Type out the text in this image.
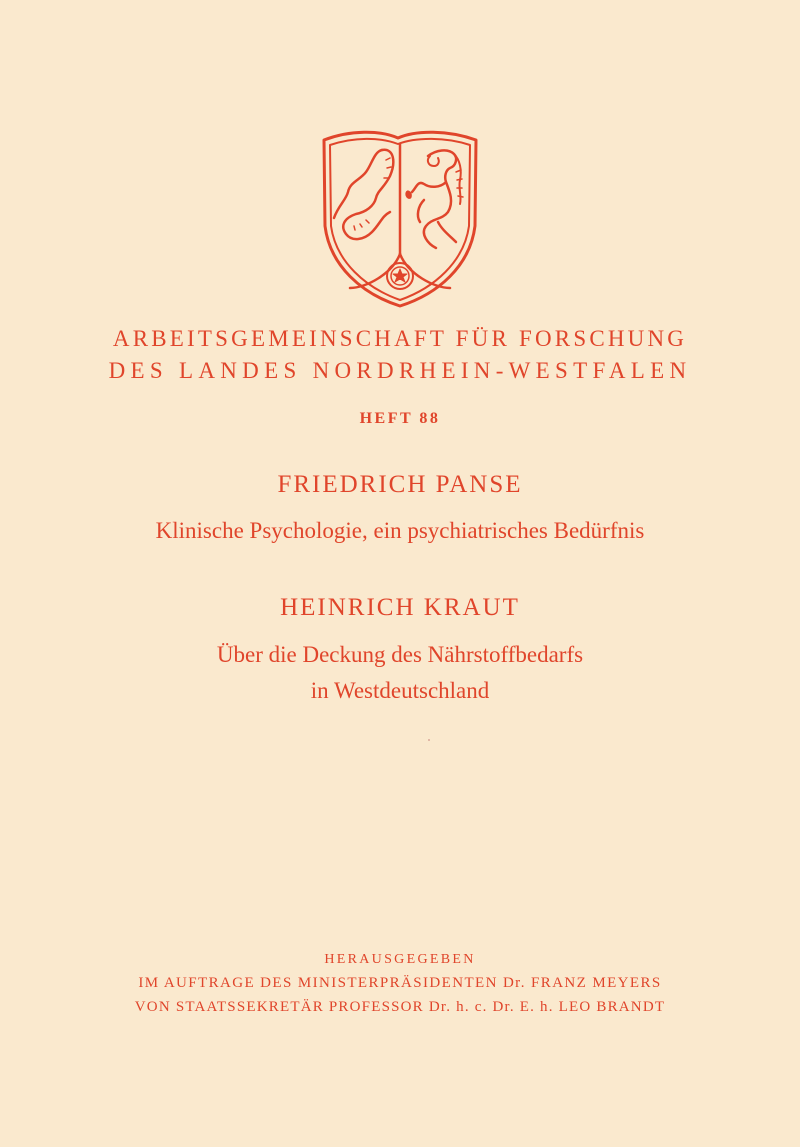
ARBEITSGEMEINSCHAFT FÜR FORSCHUNG
DES LANDES NORDRHEIN-WESTFALEN
HEFT 88
FRIEDRICH PANSE
Klinische Psychologie, ein psychiatrisches Bedürfnis
HEINRICH KRAUT
Über die Deckung des Nährstoffbedarfs
in Westdeutschland
HERAUSGEGEBEN
IM AUFTRAGE DES MINISTERPRÄSIDENTEN Dr. FRANZ MEYERS
VON STAATSSEKRETÄR PROFESSOR Dr. h. c. Dr. E. h. LEO BRANDT
